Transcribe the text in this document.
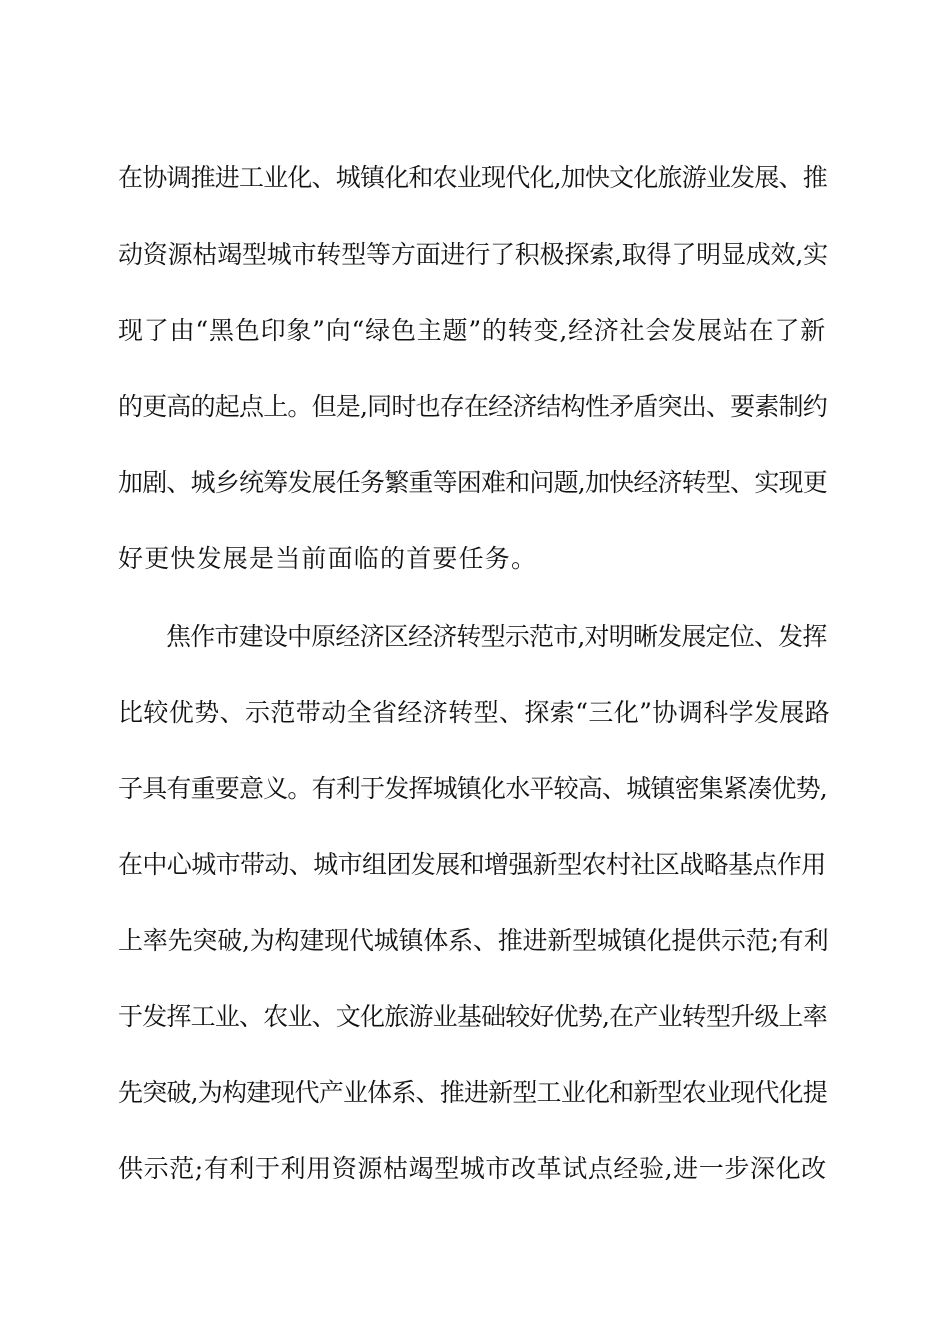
在协调推进工业化、城镇化和农业现代化,加快文化旅游业发展、推
动资源枯竭型城市转型等方面进行了积极探索,取得了明显成效,实
现了由“黑色印象”向“绿色主题”的转变,经济社会发展站在了新
的更高的起点上。但是,同时也存在经济结构性矛盾突出、要素制约
加剧、城乡统筹发展任务繁重等困难和问题,加快经济转型、实现更
好更快发展是当前面临的首要任务。
焦作市建设中原经济区经济转型示范市,对明晰发展定位、发挥
比较优势、示范带动全省经济转型、探索“三化”协调科学发展路
子具有重要意义。有利于发挥城镇化水平较高、城镇密集紧凑优势,
在中心城市带动、城市组团发展和增强新型农村社区战略基点作用
上率先突破,为构建现代城镇体系、推进新型城镇化提供示范;有利
于发挥工业、农业、文化旅游业基础较好优势,在产业转型升级上率
先突破,为构建现代产业体系、推进新型工业化和新型农业现代化提
供示范;有利于利用资源枯竭型城市改革试点经验,进一步深化改
